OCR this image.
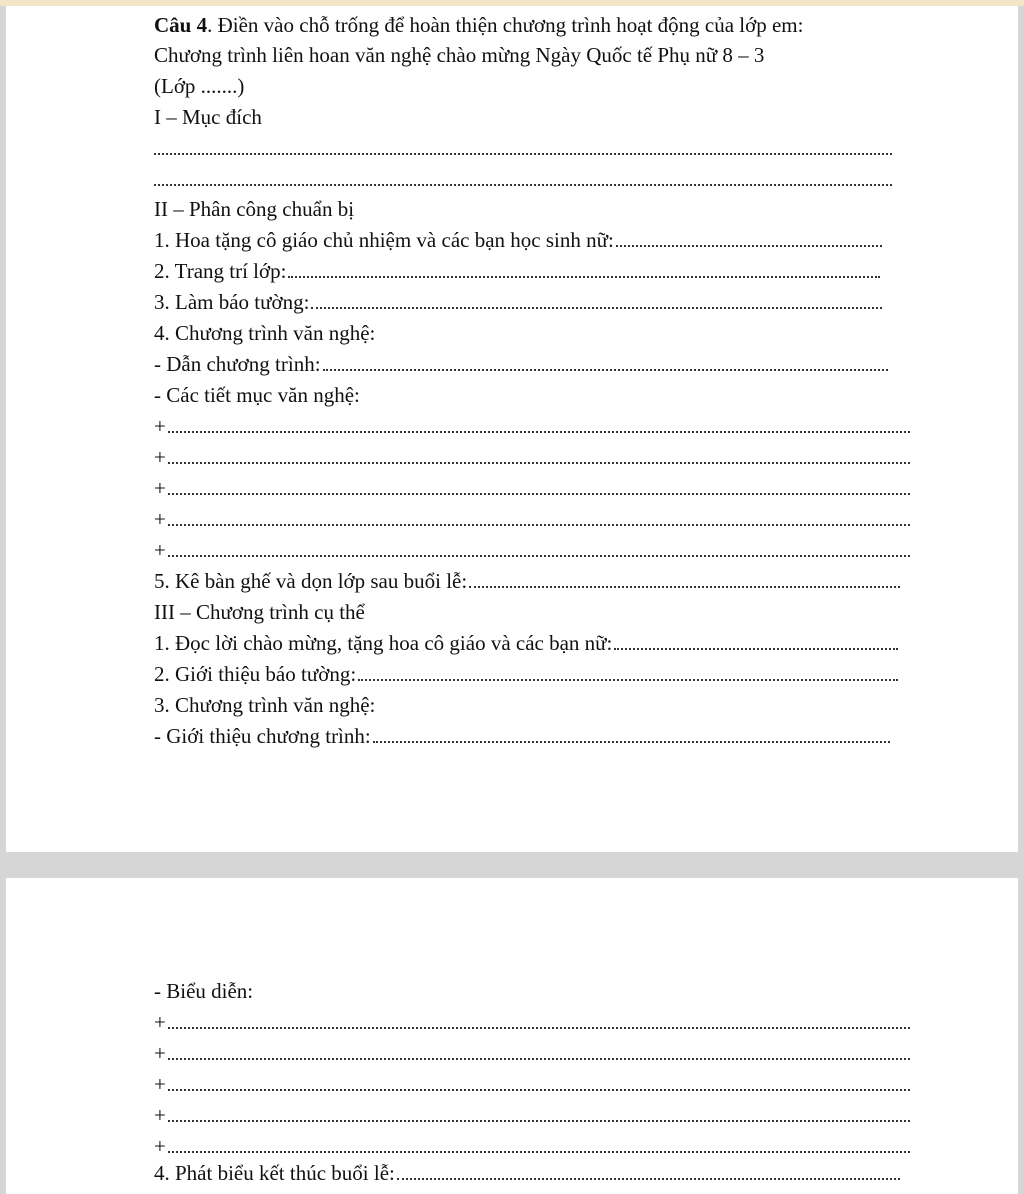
Câu 4. Điền vào chỗ trống để hoàn thiện chương trình hoạt động của lớp em:
Chương trình liên hoan văn nghệ chào mừng Ngày Quốc tế Phụ nữ 8 – 3
(Lớp .......)
I – Mục đích
II – Phân công chuẩn bị
1. Hoa tặng cô giáo chủ nhiệm và các bạn học sinh nữ:
2. Trang trí lớp:
3. Làm báo tường:
4. Chương trình văn nghệ:
- Dẫn chương trình:
- Các tiết mục văn nghệ:
+
+
+
+
+
5. Kê bàn ghế và dọn lớp sau buổi lễ:
III – Chương trình cụ thể
1. Đọc lời chào mừng, tặng hoa cô giáo và các bạn nữ:
2. Giới thiệu báo tường:
3. Chương trình văn nghệ:
- Giới thiệu chương trình:
- Biểu diễn:
+
+
+
+
+
4. Phát biểu kết thúc buổi lễ:
